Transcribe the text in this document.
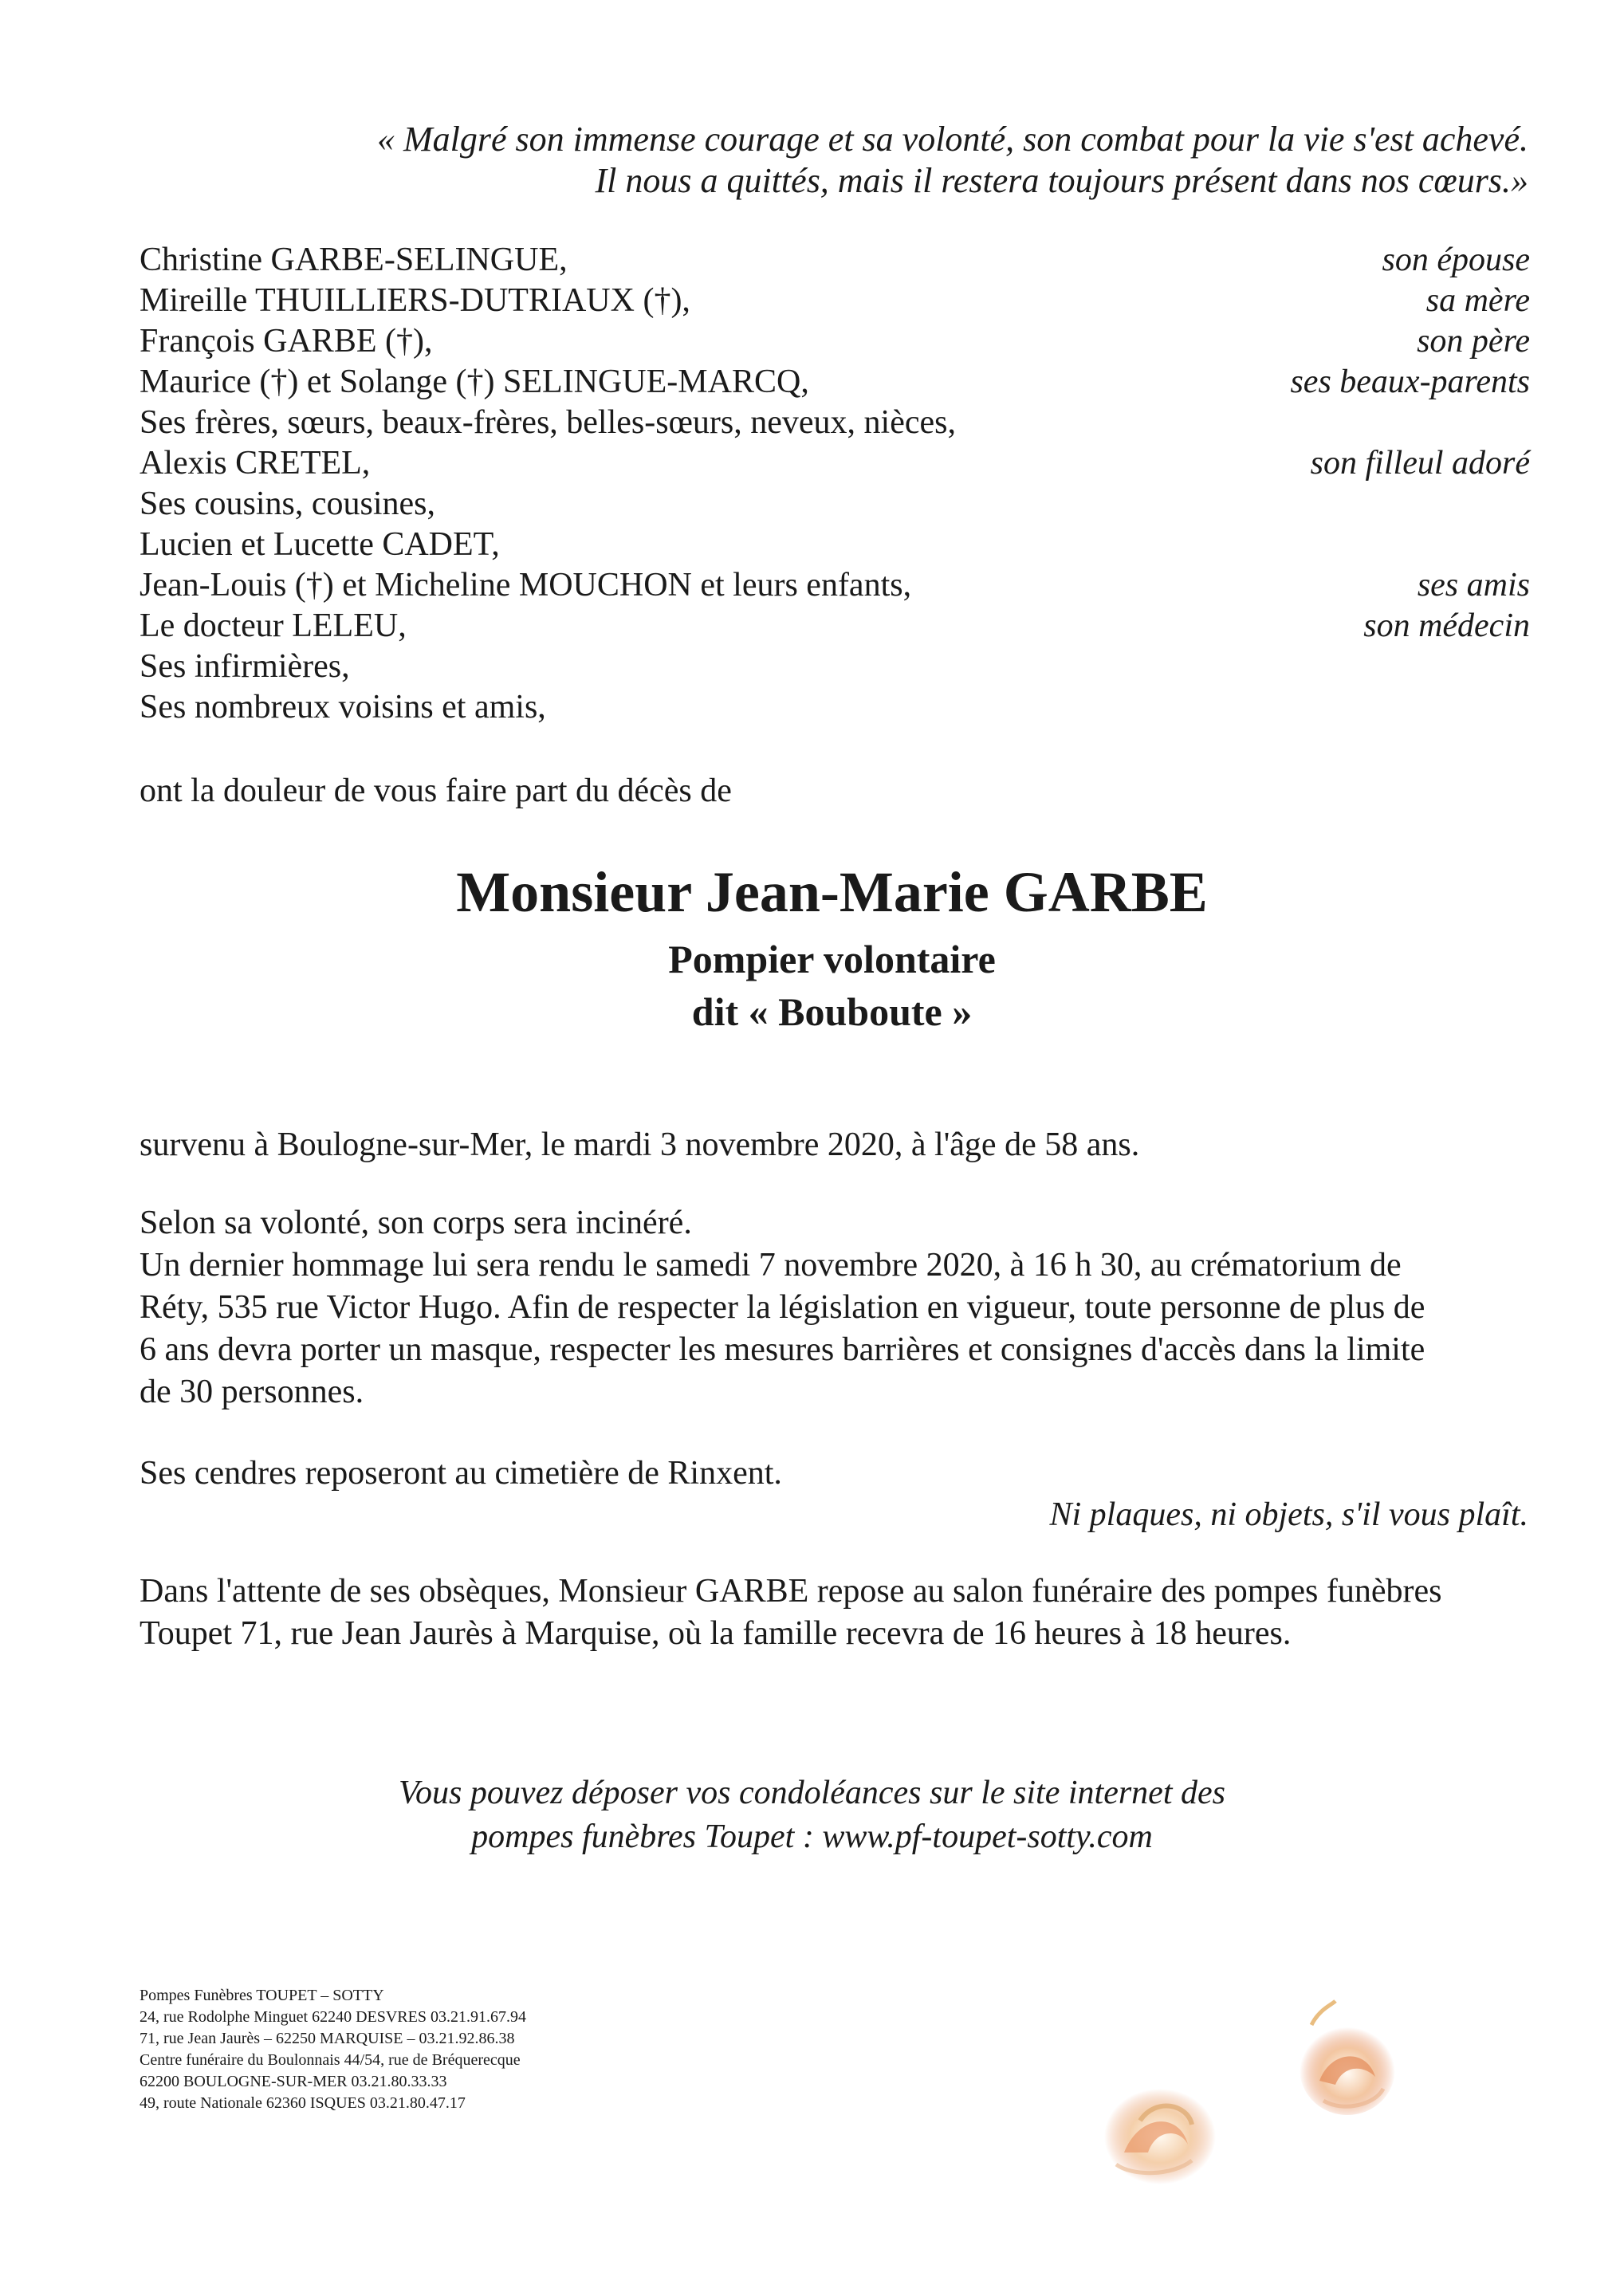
« Malgré son immense courage et sa volonté, son combat pour la vie s'est achevé.
Il nous a quittés, mais il restera toujours présent dans nos cœurs.»
Christine GARBE-SELINGUE,	son épouse
Mireille THUILLIERS-DUTRIAUX (†),	sa mère
François GARBE (†),	son père
Maurice (†) et Solange (†) SELINGUE-MARCQ,	ses beaux-parents
Ses frères, sœurs, beaux-frères, belles-sœurs, neveux, nièces,
Alexis CRETEL,	son filleul adoré
Ses cousins, cousines,
Lucien et Lucette CADET,
Jean-Louis (†) et Micheline MOUCHON et leurs enfants,	ses amis
Le docteur LELEU,	son médecin
Ses infirmières,
Ses nombreux voisins et amis,
ont la douleur de vous faire part du décès de
Monsieur Jean-Marie GARBE
Pompier volontaire
dit « Bouboute »
survenu à Boulogne-sur-Mer, le mardi 3 novembre 2020, à l'âge de 58 ans.
Selon sa volonté, son corps sera incinéré.
Un dernier hommage lui sera rendu le samedi 7 novembre 2020, à 16 h 30, au crématorium de
Réty, 535 rue Victor Hugo. Afin de respecter la législation en vigueur, toute personne de plus de
6 ans devra porter un masque, respecter les mesures barrières et consignes d'accès dans la limite
de 30 personnes.
Ses cendres reposeront au cimetière de Rinxent.
Ni plaques, ni objets, s'il vous plaît.
Dans l'attente de ses obsèques, Monsieur GARBE repose au salon funéraire des pompes funèbres
Toupet 71, rue Jean Jaurès à Marquise, où la famille recevra de 16 heures à 18 heures.
Vous pouvez déposer vos condoléances sur le site internet des
pompes funèbres Toupet : www.pf-toupet-sotty.com
Pompes Funèbres TOUPET – SOTTY
24, rue Rodolphe Minguet 62240 DESVRES 03.21.91.67.94
71, rue Jean Jaurès – 62250 MARQUISE – 03.21.92.86.38
Centre funéraire du Boulonnais 44/54, rue de Bréquerecque
62200 BOULOGNE-SUR-MER 03.21.80.33.33
49, route Nationale 62360 ISQUES 03.21.80.47.17
